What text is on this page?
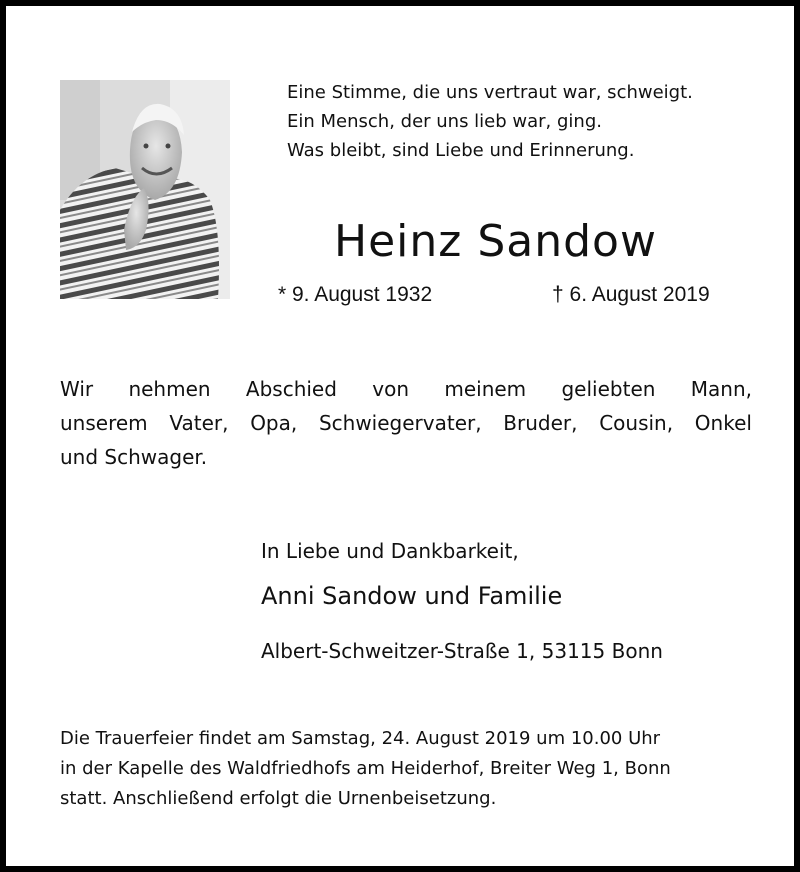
Eine Stimme, die uns vertraut war, schweigt.
Ein Mensch, der uns lieb war, ging.
Was bleibt, sind Liebe und Erinnerung.
Heinz Sandow
* 9. August 1932	† 6. August 2019
Wir nehmen Abschied von meinem geliebten Mann,
unserem Vater, Opa, Schwiegervater, Bruder, Cousin, Onkel
und Schwager.
In Liebe und Dankbarkeit,
Anni Sandow und Familie
Albert-Schweitzer-Straße 1, 53115 Bonn
Die Trauerfeier findet am Samstag, 24. August 2019 um 10.00 Uhr
in der Kapelle des Waldfriedhofs am Heiderhof, Breiter Weg 1, Bonn
statt. Anschließend erfolgt die Urnenbeisetzung.
